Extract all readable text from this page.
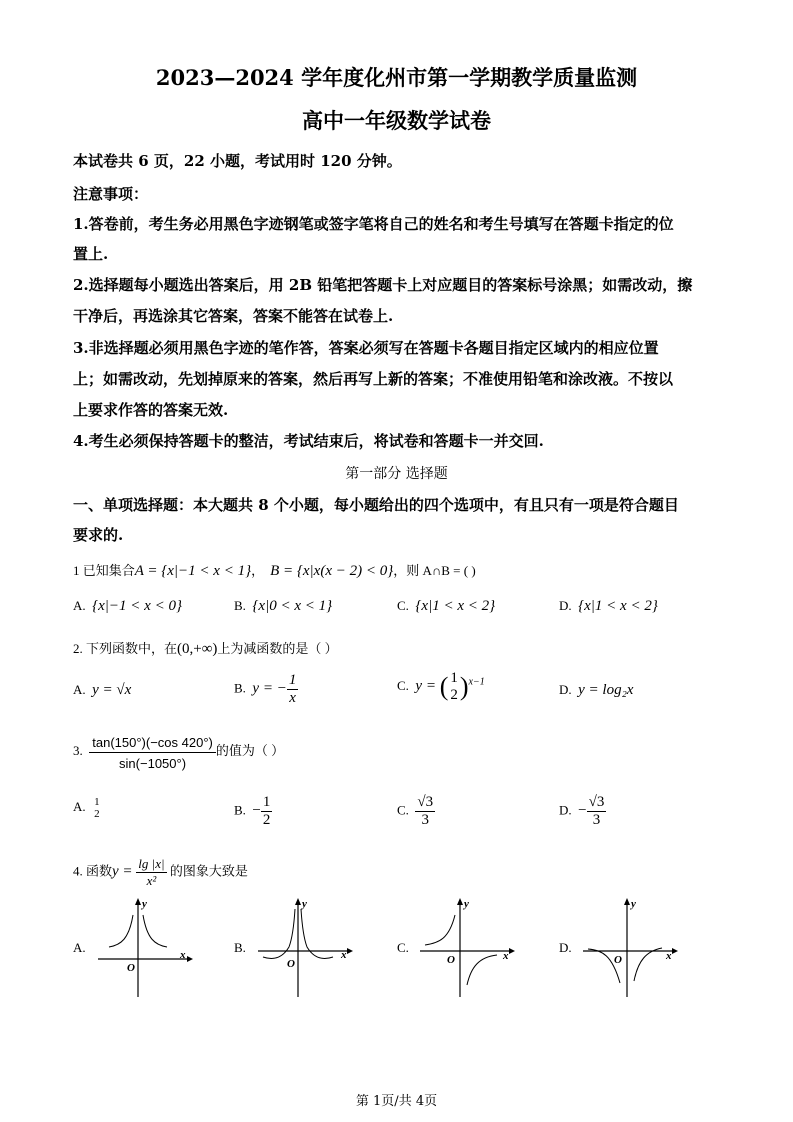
2023—2024 学年度化州市第一学期教学质量监测
高中一年级数学试卷
本试卷共 6 页，22 小题，考试用时 120 分钟。
注意事项：
1.答卷前，考生务必用黑色字迹钢笔或签字笔将自己的姓名和考生号填写在答题卡指定的位
置上.
2.选择题每小题选出答案后，用 2B 铅笔把答题卡上对应题目的答案标号涂黑；如需改动，擦
干净后，再选涂其它答案，答案不能答在试卷上.
3.非选择题必须用黑色字迹的笔作答，答案必须写在答题卡各题目指定区域内的相应位置
上；如需改动，先划掉原来的答案，然后再写上新的答案；不准使用铅笔和涂改液。不按以
上要求作答的答案无效.
4.考生必须保持答题卡的整洁，考试结束后，将试卷和答题卡一并交回.
第一部分 选择题
一、单项选择题：本大题共 8 个小题，每小题给出的四个选项中，有且只有一项是符合题目
要求的.
1 已知集合A = {x|−1 < x < 1}， B = {x|x(x − 2) < 0}，则 A∩B = ( )
A. {x|−1 < x < 0}	B. {x|0 < x < 1}	C. {x|1 < x < 2}	D. {x|1 < x < 2}
2. 下列函数中，在(0,+∞)上为减函数的是（ ）
A. y = √x	B. y = − $\frac{1}{x}$	C. y = ( 1
2 )$^{x-1}$	D. y = log₂x
3. $\frac{\tan(150^\circ)(-\cos 420^\circ)}{\sin(-1050^\circ)}$ 的值为（ ）
A. 1
2	B. − $\frac{1}{2}$	C. $\frac{√3}{3}$	D. − $\frac{√3}{3}$
4. 函数$y = \frac{\lg |x|}{\text{x²}}$ 的图象大致是
A.	B.	C.	D.
x
y
O
x
y
O
x
y
O	x
y
O
第 1页/共 4页
